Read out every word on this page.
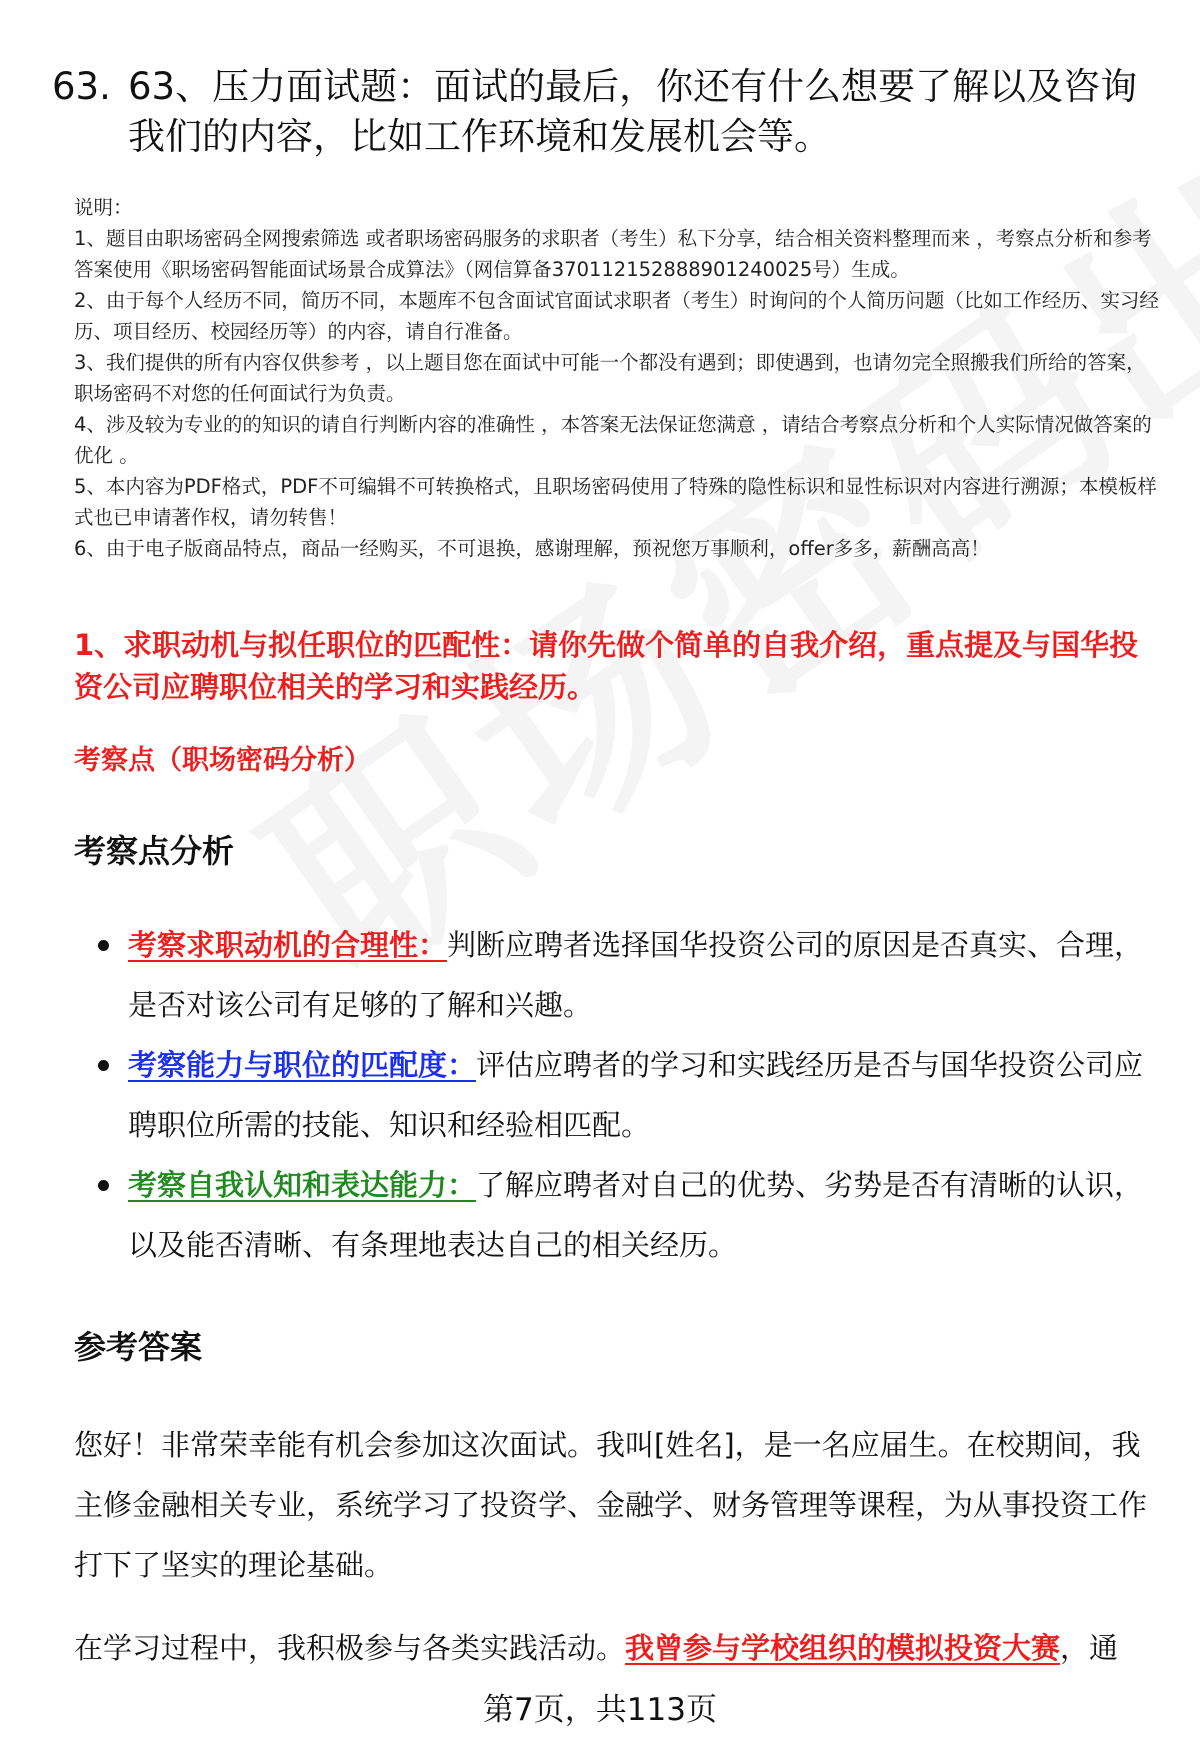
63. 63、压力面试题：面试的最后，你还有什么想要了解以及咨询我们的内容，比如工作环境和发展机会等。

说明：

1、题目由职场密码全网搜索筛选 或者职场密码服务的求职者（考生）私下分享，结合相关资料整理而来 ，考察点分析和参考答案使用《职场密码智能面试场景合成算法》（网信算备370112152888901240025号）生成。

2、由于每个人经历不同，简历不同，本题库不包含面试官面试求职者（考生）时询问的个人简历问题（比如工作经历、实习经历、项目经历、校园经历等）的内容，请自行准备。

3、我们提供的所有内容仅供参考 ，以上题目您在面试中可能一个都没有遇到；即使遇到，也请勿完全照搬我们所给的答案，职场密码不对您的任何面试行为负责。

4、涉及较为专业的的知识的请自行判断内容的准确性 ，本答案无法保证您满意 ，请结合考察点分析和个人实际情况做答案的优化 。

5、本内容为PDF格式，PDF不可编辑不可转换格式，且职场密码使用了特殊的隐性标识和显性标识对内容进行溯源；本模板样式也已申请著作权，请勿转售！

6、由于电子版商品特点，商品一经购买，不可退换，感谢理解，预祝您万事顺利，offer多多，薪酬高高！

1、求职动机与拟任职位的匹配性：请你先做个简单的自我介绍，重点提及与国华投资公司应聘职位相关的学习和实践经历。
考察点（职场密码分析）
考察点分析
考察求职动机的合理性：判断应聘者选择国华投资公司的原因是否真实、合理，是否对该公司有足够的了解和兴趣。
考察能力与职位的匹配度：评估应聘者的学习和实践经历是否与国华投资公司应聘职位所需的技能、知识和经验相匹配。
考察自我认知和表达能力：了解应聘者对自己的优势、劣势是否有清晰的认识，以及能否清晰、有条理地表达自己的相关经历。
参考答案

您好！非常荣幸能有机会参加这次面试。我叫[姓名]，是一名应届生。在校期间，我主修金融相关专业，系统学习了投资学、金融学、财务管理等课程，为从事投资工作打下了坚实的理论基础。

在学习过程中，我积极参与各类实践活动。我曾参与学校组织的模拟投资大赛，通

第7页，共113页
